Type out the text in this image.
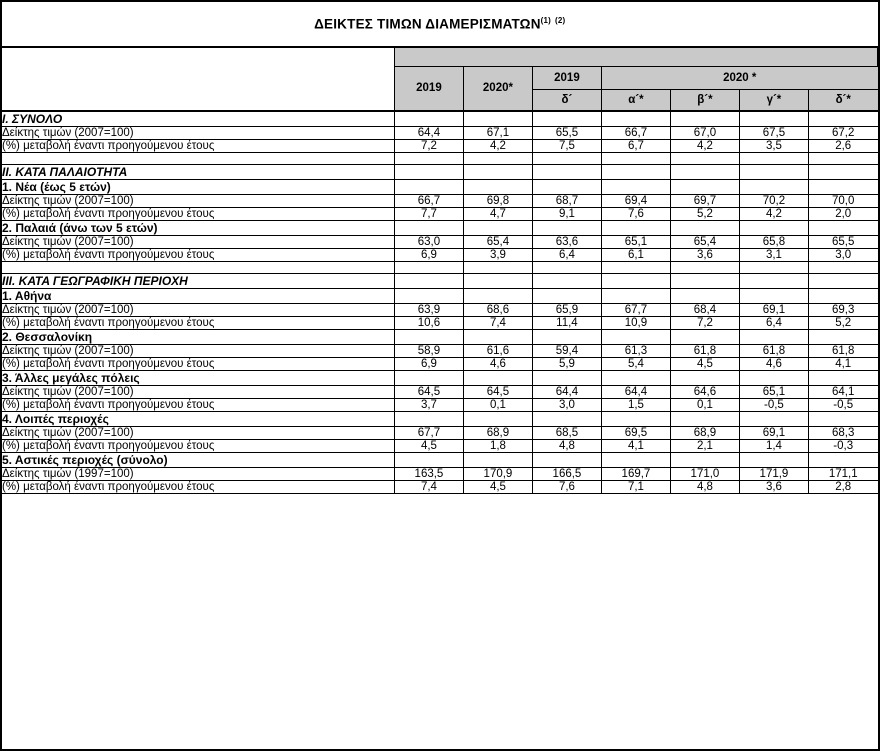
ΔΕΙΚΤΕΣ ΤΙΜΩΝ ΔΙΑΜΕΡΙΣΜΑΤΩΝ$^{(1)}$ $^{(2)}$

	2019	2020*	2019	2020 *			
			δ´	α´*	β´*	γ´*	δ´*
Ι. ΣΥΝΟΛΟ							
Δείκτης τιμών (2007=100)	64,4	67,1	65,5	66,7	67,0	67,5	67,2
(%) μεταβολή έναντι προηγούμενου έτους	7,2	4,2	7,5	6,7	4,2	3,5	2,6

ΙΙ. ΚΑΤΑ ΠΑΛΑΙΟΤΗΤΑ							
1. Νέα (έως 5 ετών)							
Δείκτης τιμών (2007=100)	66,7	69,8	68,7	69,4	69,7	70,2	70,0
(%) μεταβολή έναντι προηγούμενου έτους	7,7	4,7	9,1	7,6	5,2	4,2	2,0
2. Παλαιά (άνω των 5 ετών)							
Δείκτης τιμών (2007=100)	63,0	65,4	63,6	65,1	65,4	65,8	65,5
(%) μεταβολή έναντι προηγούμενου έτους	6,9	3,9	6,4	6,1	3,6	3,1	3,0

ΙΙI. ΚΑΤΑ ΓΕΩΓΡΑΦΙΚΗ ΠΕΡΙΟΧΗ							
1. Αθήνα							
Δείκτης τιμών (2007=100)	63,9	68,6	65,9	67,7	68,4	69,1	69,3
(%) μεταβολή έναντι προηγούμενου έτους	10,6	7,4	11,4	10,9	7,2	6,4	5,2
2. Θεσσαλονίκη							
Δείκτης τιμών (2007=100)	58,9	61,6	59,4	61,3	61,8	61,8	61,8
(%) μεταβολή έναντι προηγούμενου έτους	6,9	4,6	5,9	5,4	4,5	4,6	4,1
3. Άλλες μεγάλες πόλεις							
Δείκτης τιμών (2007=100)	64,5	64,5	64,4	64,4	64,6	65,1	64,1
(%) μεταβολή έναντι προηγούμενου έτους	3,7	0,1	3,0	1,5	0,1	-0,5	-0,5
4. Λοιπές περιοχές							
Δείκτης τιμών (2007=100)	67,7	68,9	68,5	69,5	68,9	69,1	68,3
(%) μεταβολή έναντι προηγούμενου έτους	4,5	1,8	4,8	4,1	2,1	1,4	-0,3
5. Αστικές περιοχές (σύνολο)							
Δείκτης τιμών (1997=100)	163,5	170,9	166,5	169,7	171,0	171,9	171,1
(%) μεταβολή έναντι προηγούμενου έτους	7,4	4,5	7,6	7,1	4,8	3,6	2,8
